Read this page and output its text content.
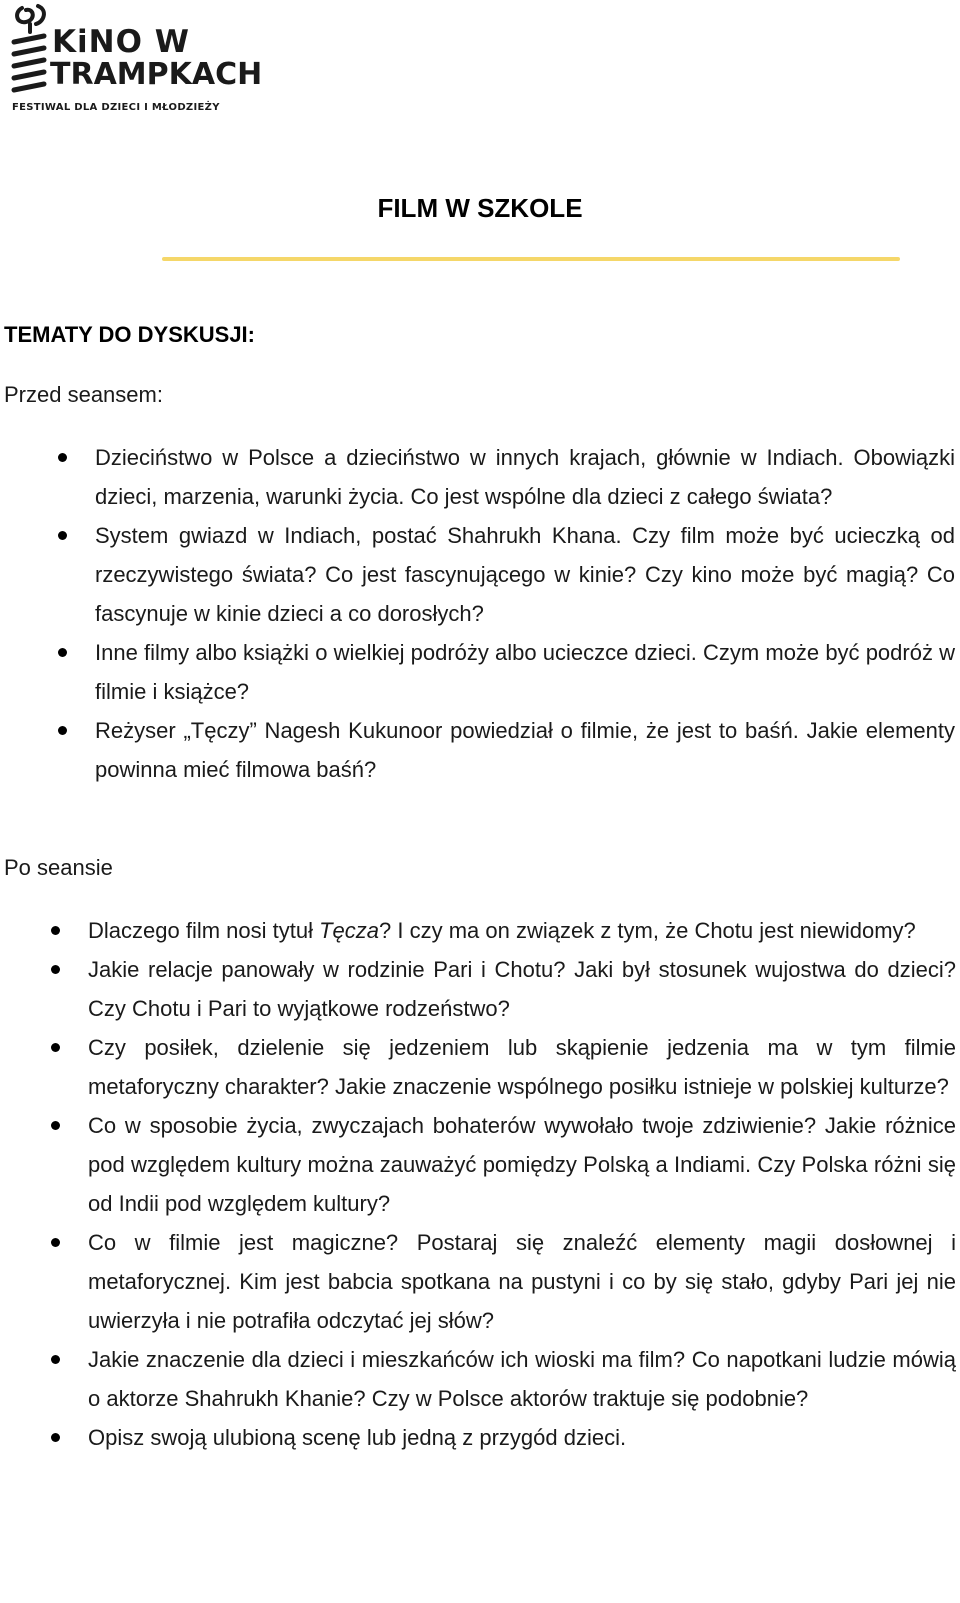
KiNO W
TRAMPKACH
FESTIWAL DLA DZIECI I MŁODZIEŻY
FILM W SZKOLE
TEMATY DO DYSKUSJI:

Przed seansem:

Dzieciństwo w Polsce a dzieciństwo w innych krajach, głównie w Indiach. Obowiązki dzieci, marzenia, warunki życia. Co jest wspólne dla dzieci z całego świata?
System gwiazd w Indiach, postać Shahrukh Khana. Czy film może być ucieczką od rzeczywistego świata? Co jest fascynującego w kinie? Czy kino może być magią? Co fascynuje w kinie dzieci a co dorosłych?
Inne filmy albo książki o wielkiej podróży albo ucieczce dzieci. Czym może być podróż w filmie i książce?
Reżyser „Tęczy” Nagesh Kukunoor powiedział o filmie, że jest to baśń. Jakie elementy powinna mieć filmowa baśń?

Po seansie

Dlaczego film nosi tytuł Tęcza? I czy ma on związek z tym, że Chotu jest niewidomy?
Jakie relacje panowały w rodzinie Pari i Chotu? Jaki był stosunek wujostwa do dzieci? Czy Chotu i Pari to wyjątkowe rodzeństwo?
Czy posiłek, dzielenie się jedzeniem lub skąpienie jedzenia ma w tym filmie metaforyczny charakter? Jakie znaczenie wspólnego posiłku istnieje w polskiej kulturze?
Co w sposobie życia, zwyczajach bohaterów wywołało twoje zdziwienie? Jakie różnice pod względem kultury można zauważyć pomiędzy Polską a Indiami. Czy Polska różni się od Indii pod względem kultury?
Co w filmie jest magiczne? Postaraj się znaleźć elementy magii dosłownej i metaforycznej. Kim jest babcia spotkana na pustyni i co by się stało, gdyby Pari jej nie uwierzyła i nie potrafiła odczytać jej słów?
Jakie znaczenie dla dzieci i mieszkańców ich wioski ma film? Co napotkani ludzie mówią o aktorze Shahrukh Khanie? Czy w Polsce aktorów traktuje się podobnie?
Opisz swoją ulubioną scenę lub jedną z przygód dzieci.
